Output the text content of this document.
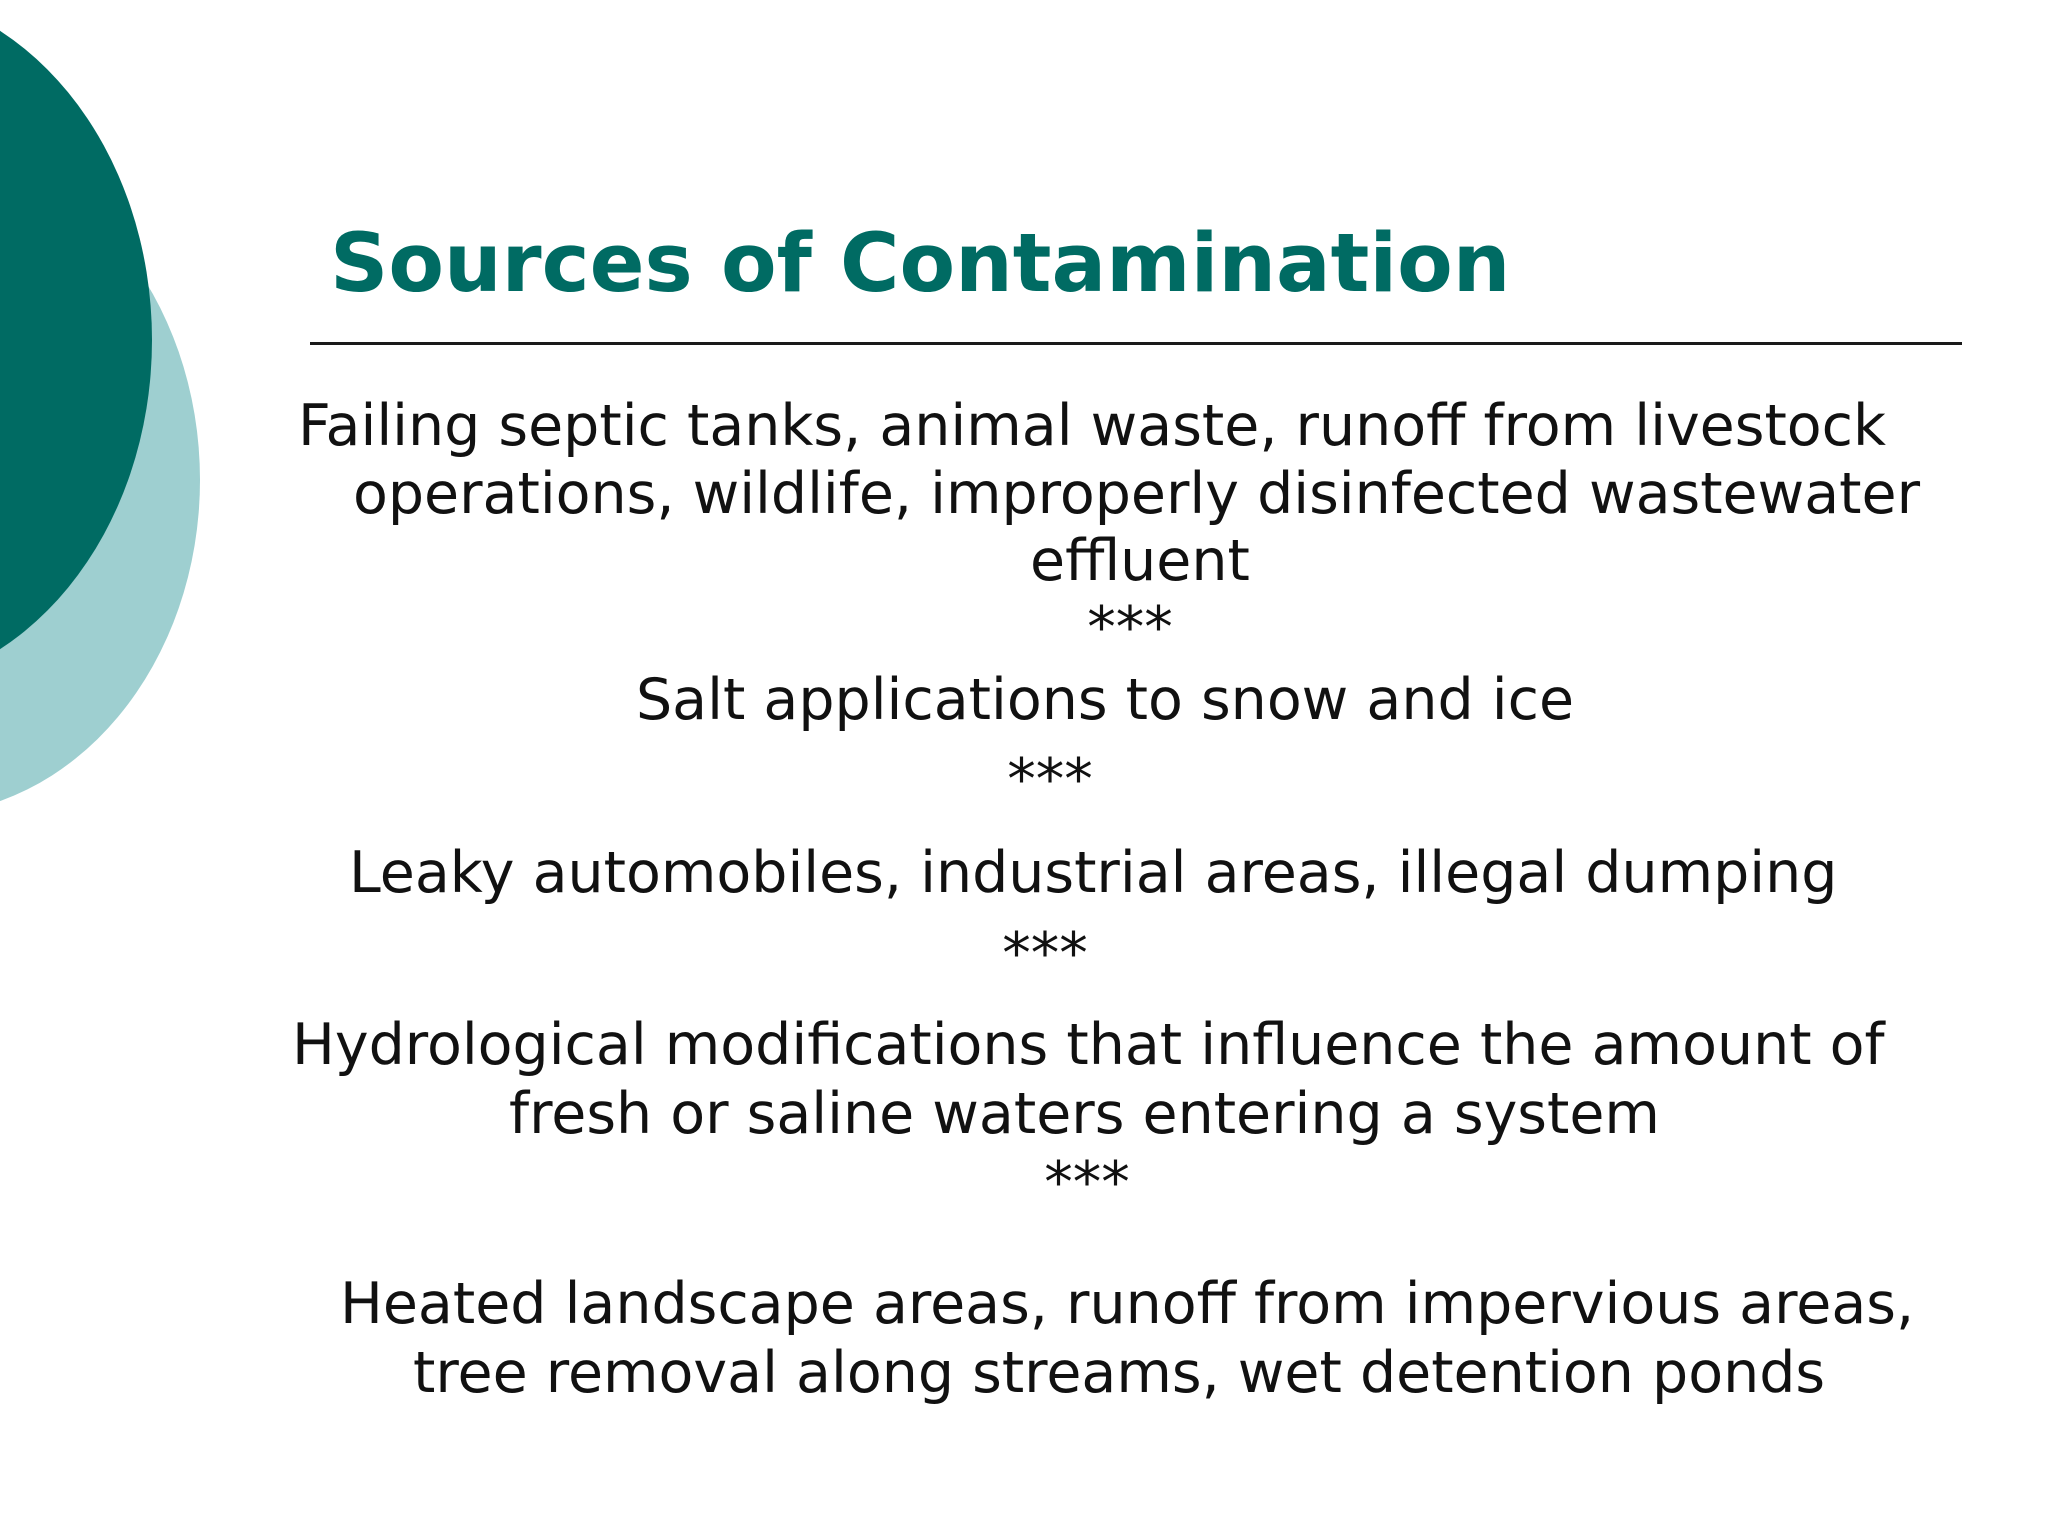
Sources of Contamination

Failing septic tanks, animal waste, runoff from livestock

operations, wildlife, improperly disinfected wastewater

effluent

***

Salt applications to snow and ice

***

Leaky automobiles, industrial areas, illegal dumping

***

Hydrological modifications that influence the amount of

fresh or saline waters entering a system

***

Heated landscape areas, runoff from impervious areas,

tree removal along streams, wet detention ponds
